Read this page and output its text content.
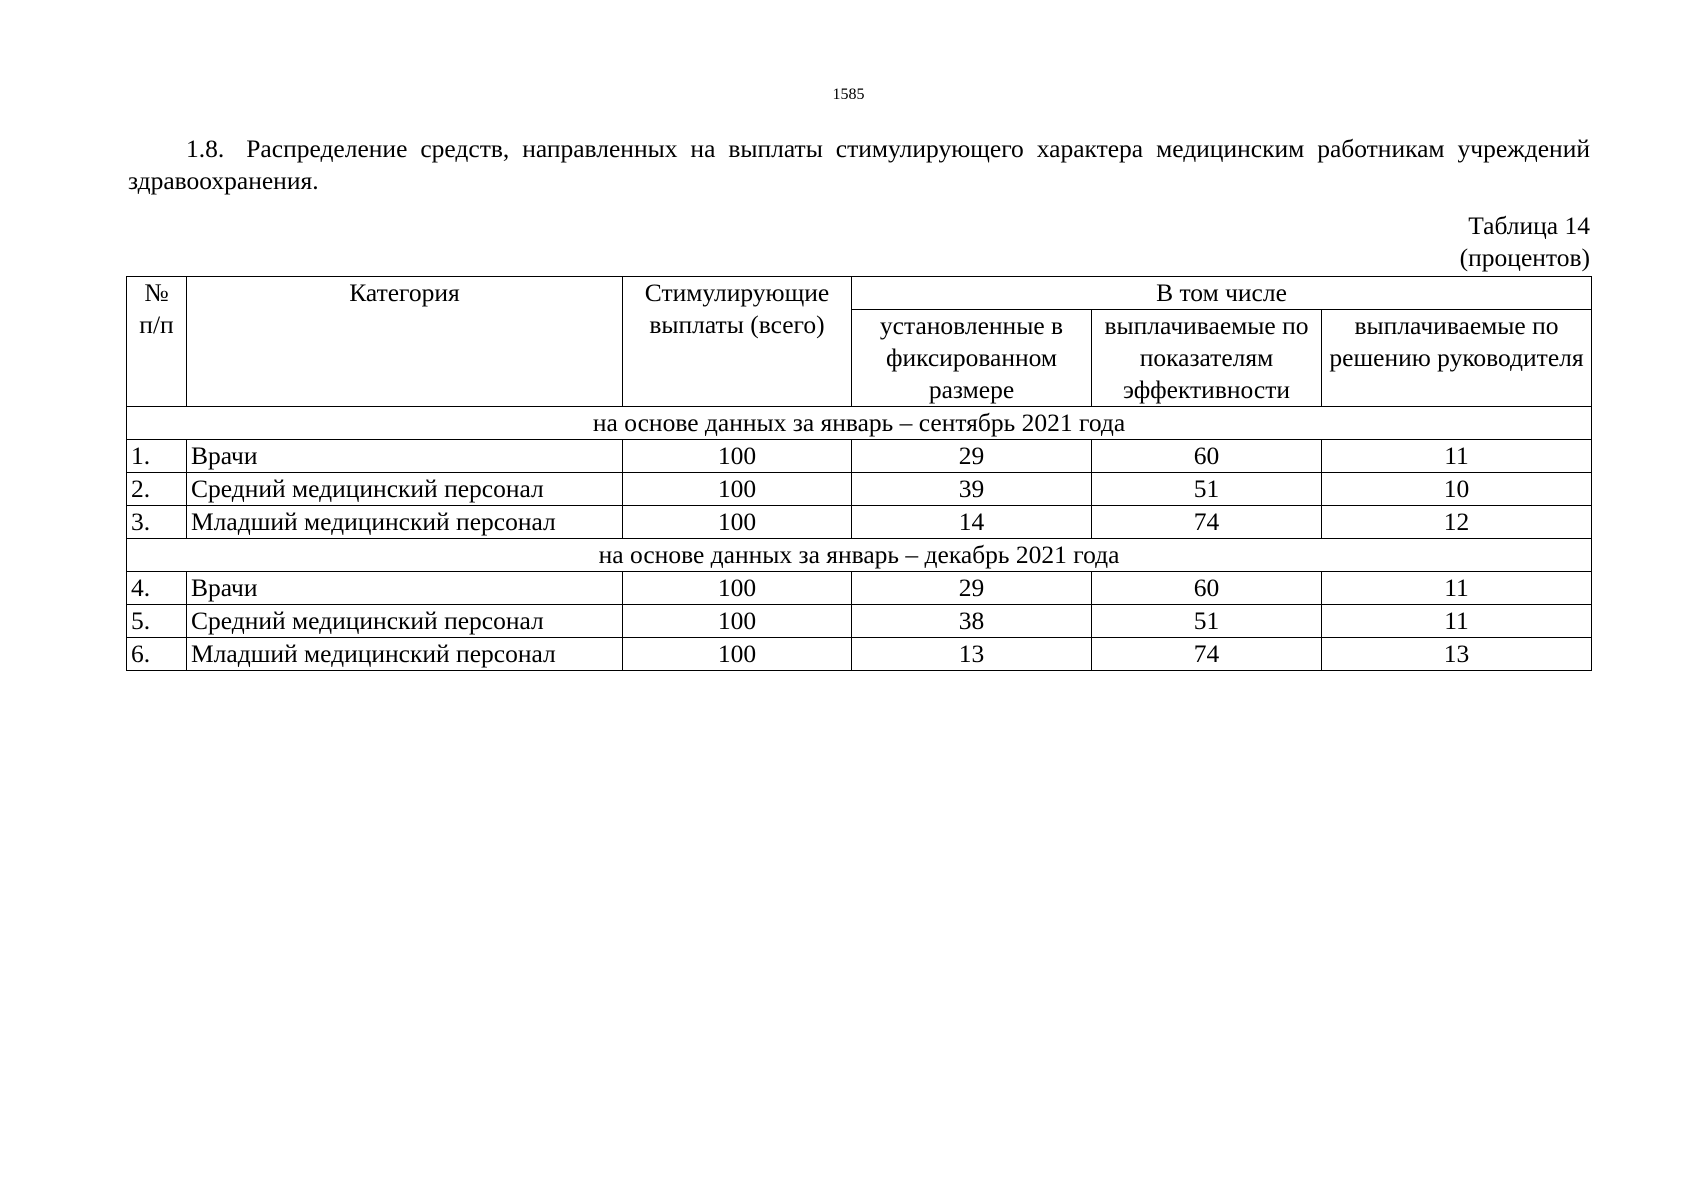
1585
1.8. Распределение средств, направленных на выплаты стимулирующего характера медицинским работникам учреждений здравоохранения.
Таблица 14
(процентов)
№ п/п	Категория	Стимулирующие выплаты (всего)	В том числе		
			установленные в фиксированном размере	выплачиваемые по показателям эффективности	выплачиваемые по решению руководителя
на основе данных за январь – сентябрь 2021 года					
1.	Врачи	100	29	60	11
2.	Средний медицинский персонал	100	39	51	10
3.	Младший медицинский персонал	100	14	74	12
на основе данных за январь – декабрь 2021 года					
4.	Врачи	100	29	60	11
5.	Средний медицинский персонал	100	38	51	11
6.	Младший медицинский персонал	100	13	74	13
